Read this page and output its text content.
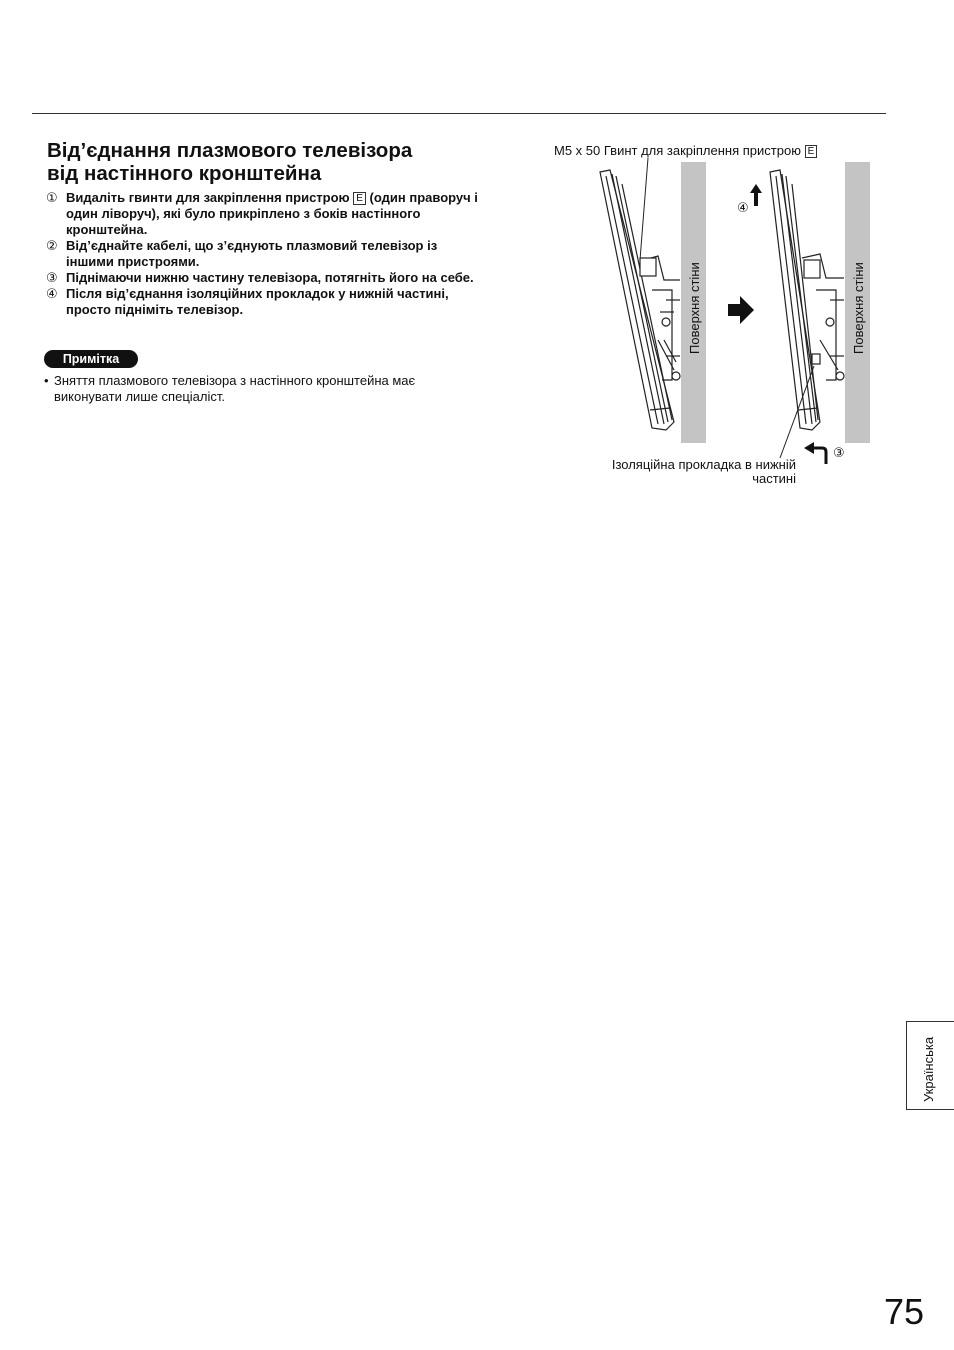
Від’єднання плазмового телевізора
від настінного кронштейна
① Видаліть гвинти для закріплення пристрою E (один праворуч і один ліворуч), які було прикріплено з боків настінного кронштейна.
② Від’єднайте кабелі, що з’єднують плазмовий телевізор із іншими пристроями.
③ Піднімаючи нижню частину телевізора, потягніть його на себе.
④ Після від’єднання ізоляційних прокладок у нижній частині, просто підніміть телевізор.
Примітка
• Зняття плазмового телевізора з настінного кронштейна має виконувати лише спеціаліст.
M5 x 50 Гвинт для закріплення пристрою E
Поверхня стіни	Поверхня стіни
④
③
Ізоляційна прокладка в нижній частині
Українська
75
